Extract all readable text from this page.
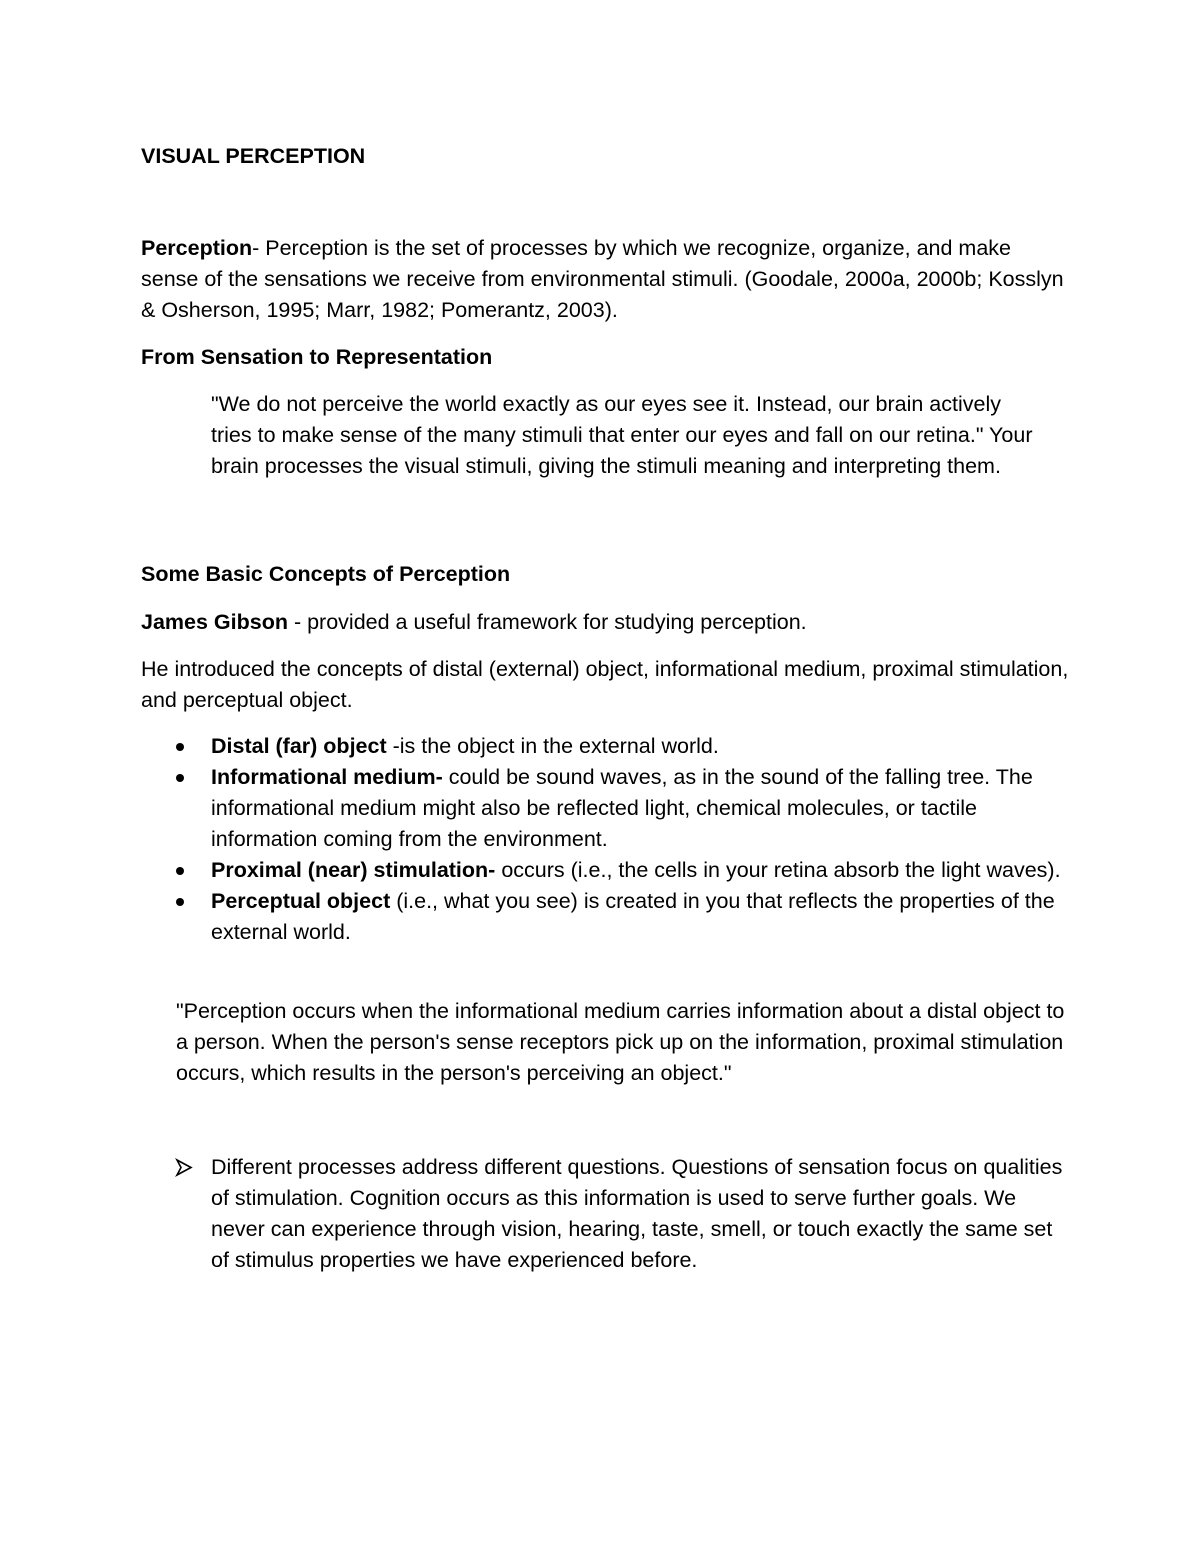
VISUAL PERCEPTION

Perception- Perception is the set of processes by which we recognize, organize, and make sense of the sensations we receive from environmental stimuli. (Goodale, 2000a, 2000b; Kosslyn & Osherson, 1995; Marr, 1982; Pomerantz, 2003).

From Sensation to Representation

"We do not perceive the world exactly as our eyes see it. Instead, our brain actively tries to make sense of the many stimuli that enter our eyes and fall on our retina." Your brain processes the visual stimuli, giving the stimuli meaning and interpreting them.

Some Basic Concepts of Perception

James Gibson - provided a useful framework for studying perception.

He introduced the concepts of distal (external) object, informational medium, proximal stimulation, and perceptual object.

Distal (far) object -is the object in the external world.
Informational medium- could be sound waves, as in the sound of the falling tree. The informational medium might also be reflected light, chemical molecules, or tactile information coming from the environment.
Proximal (near) stimulation- occurs (i.e., the cells in your retina absorb the light waves).
Perceptual object (i.e., what you see) is created in you that reflects the properties of the external world.

"Perception occurs when the informational medium carries information about a distal object to a person. When the person's sense receptors pick up on the information, proximal stimulation occurs, which results in the person's perceiving an object."

Different processes address different questions. Questions of sensation focus on qualities of stimulation. Cognition occurs as this information is used to serve further goals. We never can experience through vision, hearing, taste, smell, or touch exactly the same set of stimulus properties we have experienced before.
